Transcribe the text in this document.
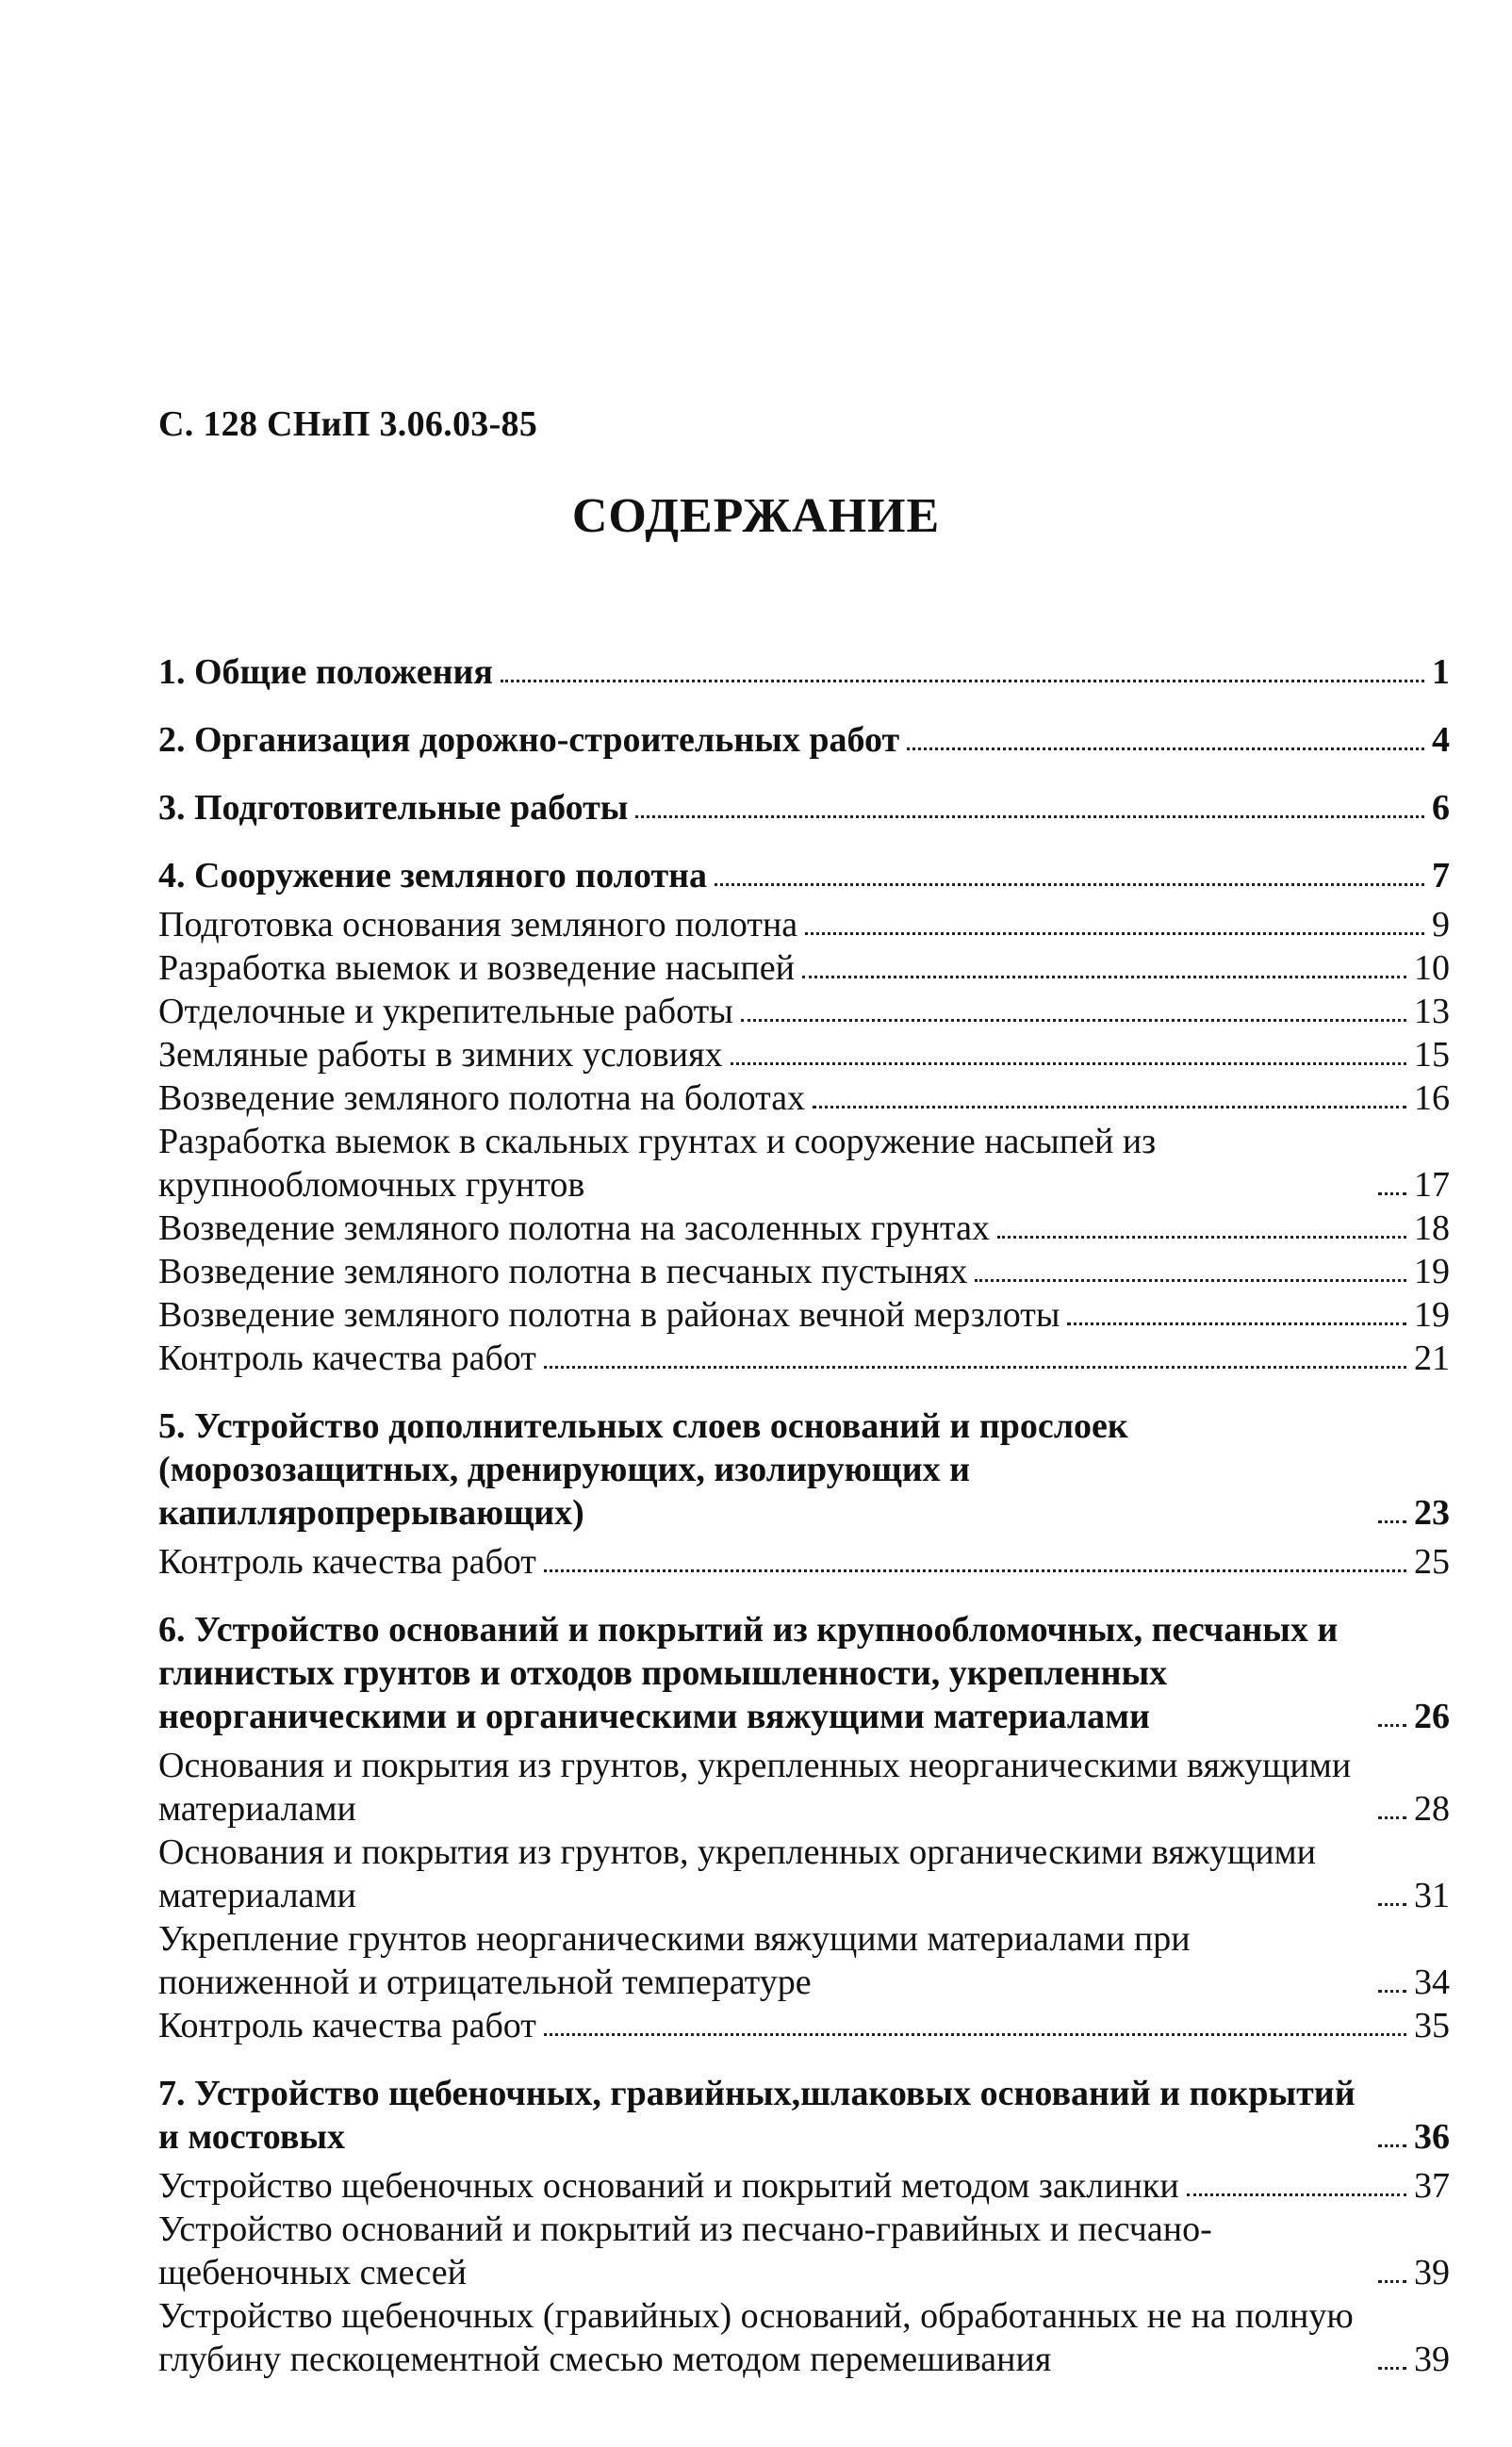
С. 128 СНиП 3.06.03-85
СОДЕРЖАНИЕ
1. Общие положения	1
2. Организация дорожно-строительных работ	4
3. Подготовительные работы	6
4. Сооружение земляного полотна	7
Подготовка основания земляного полотна	9
Разработка выемок и возведение насыпей	10
Отделочные и укрепительные работы	13
Земляные работы в зимних условиях	15
Возведение земляного полотна на болотах	16
Разработка выемок в скальных грунтах и сооружение насыпей из крупнообломочных грунтов	17
Возведение земляного полотна на засоленных грунтах	18
Возведение земляного полотна в песчаных пустынях	19
Возведение земляного полотна в районах вечной мерзлоты	19
Контроль качества работ	21
5. Устройство дополнительных слоев оснований и прослоек (морозозащитных, дренирующих, изолирующих и капилляропрерывающих)	23
Контроль качества работ	25
6. Устройство оснований и покрытий из крупнообломочных, песчаных и глинистых грунтов и отходов промышленности, укрепленных неорганическими и органическими вяжущими материалами	26
Основания и покрытия из грунтов, укрепленных неорганическими вяжущими материалами	28
Основания и покрытия из грунтов, укрепленных органическими вяжущими материалами	31
Укрепление грунтов неорганическими вяжущими материалами при пониженной и отрицательной температуре	34
Контроль качества работ	35
7. Устройство щебеночных, гравийных,шлаковых оснований и покрытий и мостовых	36
Устройство щебеночных оснований и покрытий методом заклинки	37
Устройство оснований и покрытий из песчано-гравийных и песчано-щебеночных смесей	39
Устройство щебеночных (гравийных) оснований, обработанных не на полную глубину пескоцементной смесью методом перемешивания	39
